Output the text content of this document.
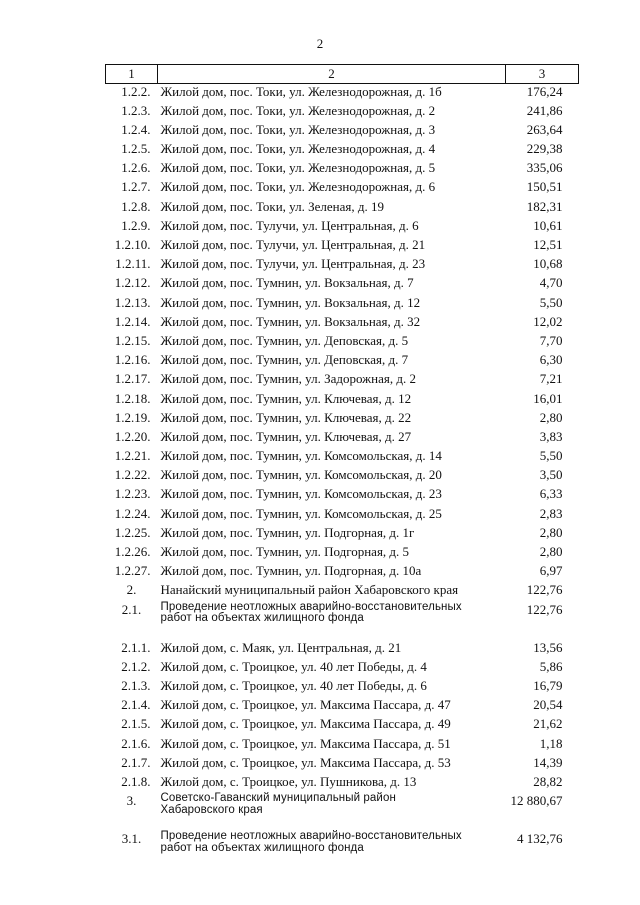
2
1	2	3
1.2.2.	Жилой дом, пос. Токи, ул. Железнодорожная, д. 1б	176,24
1.2.3.	Жилой дом, пос. Токи, ул. Железнодорожная, д. 2	241,86
1.2.4.	Жилой дом, пос. Токи, ул. Железнодорожная, д. 3	263,64
1.2.5.	Жилой дом, пос. Токи, ул. Железнодорожная, д. 4	229,38
1.2.6.	Жилой дом, пос. Токи, ул. Железнодорожная, д. 5	335,06
1.2.7.	Жилой дом, пос. Токи, ул. Железнодорожная, д. 6	150,51
1.2.8.	Жилой дом, пос. Токи, ул. Зеленая, д. 19	182,31
1.2.9.	Жилой дом, пос. Тулучи, ул. Центральная, д. 6	10,61
1.2.10.	Жилой дом, пос. Тулучи, ул. Центральная, д. 21	12,51
1.2.11.	Жилой дом, пос. Тулучи, ул. Центральная, д. 23	10,68
1.2.12.	Жилой дом, пос. Тумнин, ул. Вокзальная, д. 7	4,70
1.2.13.	Жилой дом, пос. Тумнин, ул. Вокзальная, д. 12	5,50
1.2.14.	Жилой дом, пос. Тумнин, ул. Вокзальная, д. 32	12,02
1.2.15.	Жилой дом, пос. Тумнин, ул. Деповская, д. 5	7,70
1.2.16.	Жилой дом, пос. Тумнин, ул. Деповская, д. 7	6,30
1.2.17.	Жилой дом, пос. Тумнин, ул. Задорожная, д. 2	7,21
1.2.18.	Жилой дом, пос. Тумнин, ул. Ключевая, д. 12	16,01
1.2.19.	Жилой дом, пос. Тумнин, ул. Ключевая, д. 22	2,80
1.2.20.	Жилой дом, пос. Тумнин, ул. Ключевая, д. 27	3,83
1.2.21.	Жилой дом, пос. Тумнин, ул. Комсомольская, д. 14	5,50
1.2.22.	Жилой дом, пос. Тумнин, ул. Комсомольская, д. 20	3,50
1.2.23.	Жилой дом, пос. Тумнин, ул. Комсомольская, д. 23	6,33
1.2.24.	Жилой дом, пос. Тумнин, ул. Комсомольская, д. 25	2,83
1.2.25.	Жилой дом, пос. Тумнин, ул. Подгорная, д. 1г	2,80
1.2.26.	Жилой дом, пос. Тумнин, ул. Подгорная, д. 5	2,80
1.2.27.	Жилой дом, пос. Тумнин, ул. Подгорная, д. 10а	6,97
2.	Нанайский муниципальный район Хабаровского края	122,76
2.1.	Проведение неотложных аварийно-восстановительных
работ на объектах жилищного фонда	122,76
2.1.1.	Жилой дом, с. Маяк, ул. Центральная, д. 21	13,56
2.1.2.	Жилой дом, с. Троицкое, ул. 40 лет Победы, д. 4	5,86
2.1.3.	Жилой дом, с. Троицкое, ул. 40 лет Победы, д. 6	16,79
2.1.4.	Жилой дом, с. Троицкое, ул. Максима Пассара, д. 47	20,54
2.1.5.	Жилой дом, с. Троицкое, ул. Максима Пассара, д. 49	21,62
2.1.6.	Жилой дом, с. Троицкое, ул. Максима Пассара, д. 51	1,18
2.1.7.	Жилой дом, с. Троицкое, ул. Максима Пассара, д. 53	14,39
2.1.8.	Жилой дом, с. Троицкое, ул. Пушникова, д. 13	28,82
3.	Советско-Гаванский муниципальный район
Хабаровского края	12 880,67
3.1.	Проведение неотложных аварийно-восстановительных
работ на объектах жилищного фонда	4 132,76
